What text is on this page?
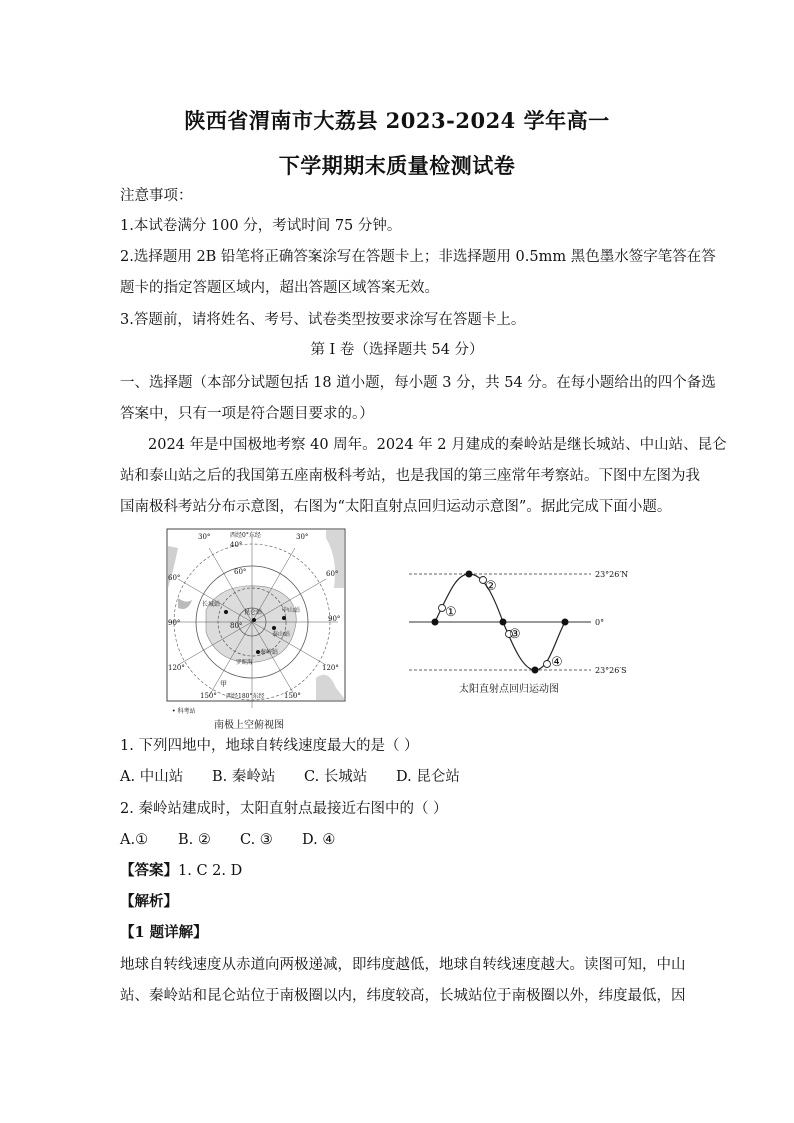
陕西省渭南市大荔县 2023-2024 学年高一
下学期期末质量检测试卷
注意事项：
1.本试卷满分 100 分，考试时间 75 分钟。
2.选择题用 2B 铅笔将正确答案涂写在答题卡上；非选择题用 0.5mm 黑色墨水签字笔答在答
题卡的指定答题区域内，超出答题区域答案无效。
3.答题前，请将姓名、考号、试卷类型按要求涂写在答题卡上。
第 I 卷（选择题共 54 分）
一、选择题（本部分试题包括 18 道小题，每小题 3 分，共 54 分。在每小题给出的四个备选
答案中，只有一项是符合题目要求的。）
2024 年是中国极地考察 40 周年。2024 年 2 月建成的秦岭站是继长城站、中山站、昆仑
站和泰山站之后的我国第五座南极科考站，也是我国的第三座常年考察站。下图中左图为我
国南极科考站分布示意图，右图为“太阳直射点回归运动示意图”。据此完成下面小题。
30°	30°
西经0°东经
60°	60°
90°	90°
120°	120°
150°	150°
西经180°东经
40°
60°
80°
长城站
昆仑站	中山站
泰山站
秦岭站
罗斯海
甲
• 科考站
南极上空俯视图
①
②
③
④
23°26′N
0°
23°26′S
太阳直射点回归运动图
1. 下列四地中，地球自转线速度最大的是（ ）
A. 中山站 B. 秦岭站 C. 长城站 D. 昆仑站
2. 秦岭站建成时，太阳直射点最接近右图中的（ ）
A.① B. ② C. ③ D. ④
【答案】1. C 2. D
【解析】
【1 题详解】
地球自转线速度从赤道向两极递减，即纬度越低，地球自转线速度越大。读图可知，中山
站、秦岭站和昆仑站位于南极圈以内，纬度较高，长城站位于南极圈以外，纬度最低，因
